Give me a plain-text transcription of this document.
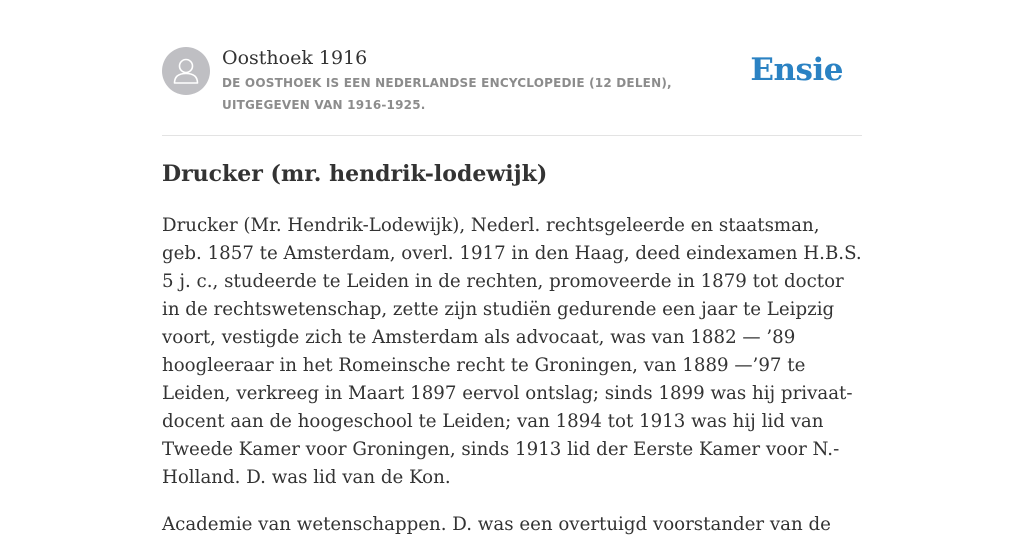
Oosthoek 1916
DE OOSTHOEK IS EEN NEDERLANDSE ENCYCLOPEDIE (12 DELEN), UITGEGEVEN VAN 1916-1925.
Ensie
Drucker (mr. hendrik-lodewijk)

Drucker (Mr. Hendrik-Lodewijk), Nederl. rechtsgeleerde en staatsman, geb. 1857 te Amsterdam, overl. 1917 in den Haag, deed eindexamen H.B.S. 5 j. c., studeerde te Leiden in de rechten, promoveerde in 1879 tot doctor in de rechtswetenschap, zette zijn studiën gedurende een jaar te Leipzig voort, vestigde zich te Amsterdam als advocaat, was van 1882 — ’89 hoogleeraar in het Romeinsche recht te Groningen, van 1889 —’97 te Leiden, verkreeg in Maart 1897 eervol ontslag; sinds 1899 was hij privaat-docent aan de hoogeschool te Leiden; van 1894 tot 1913 was hij lid van Tweede Kamer voor Groningen, sinds 1913 lid der Eerste Kamer voor N.-Holland. D. was lid van de Kon.

Academie van wetenschappen. D. was een overtuigd voorstander van de
